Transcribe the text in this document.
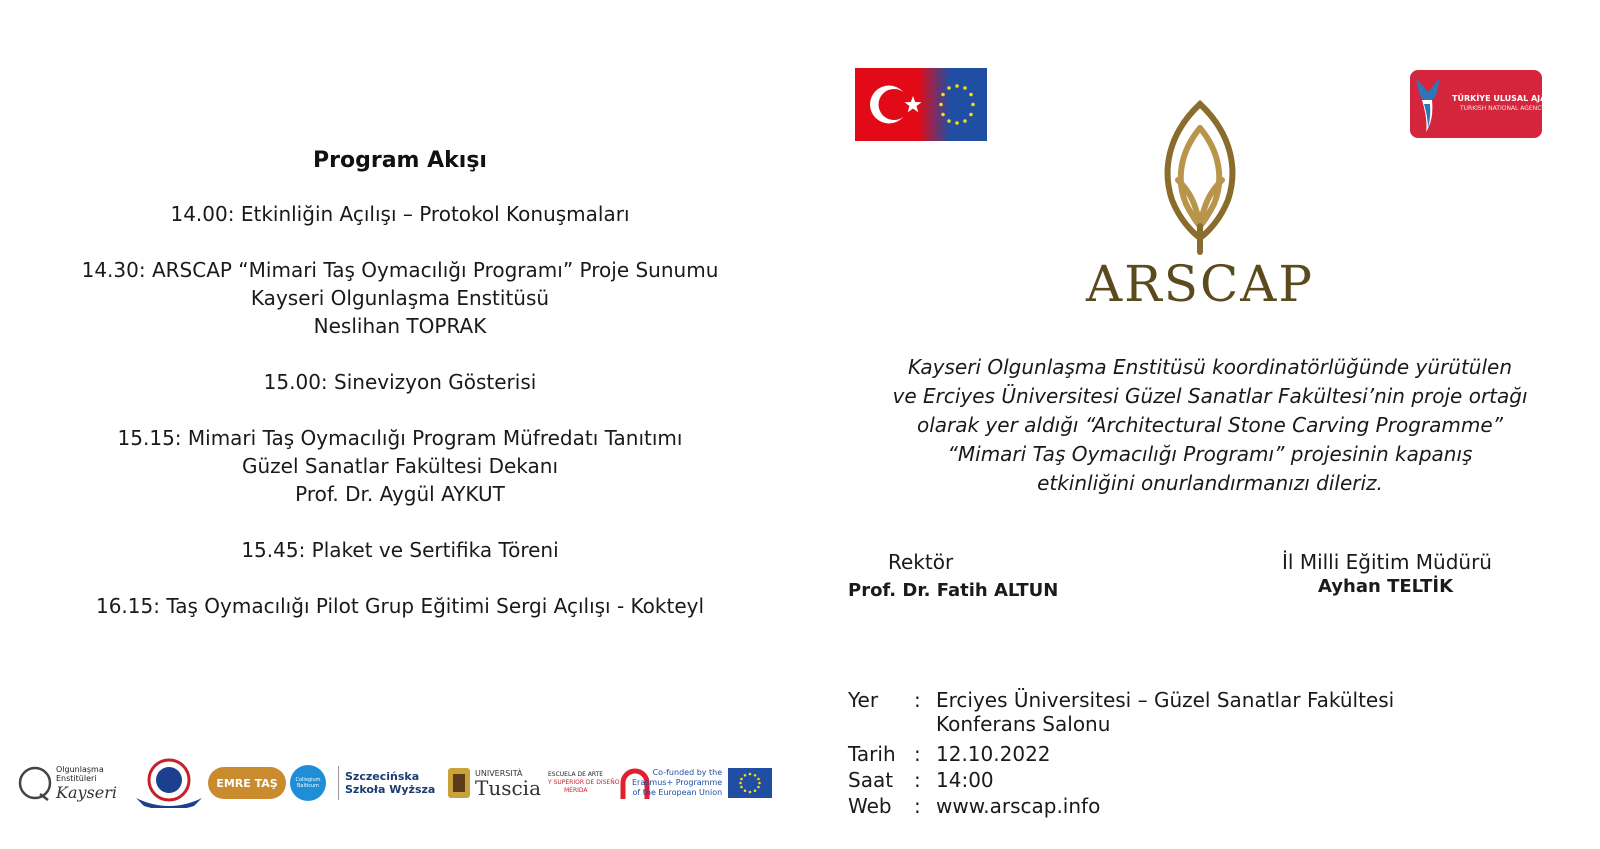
Program Akışı
14.00: Etkinliğin Açılışı – Protokol Konuşmaları
14.30: ARSCAP “Mimari Taş Oymacılığı Programı” Proje Sunumu
Kayseri Olgunlaşma Enstitüsü
Neslihan TOPRAK
15.00: Sinevizyon Gösterisi
15.15: Mimari Taş Oymacılığı Program Müfredatı Tanıtımı
Güzel Sanatlar Fakültesi Dekanı
Prof. Dr. Aygül AYKUT
15.45: Plaket ve Sertifika Töreni
16.15: Taş Oymacılığı Pilot Grup Eğitimi Sergi Açılışı - Kokteyl
TÜRKİYE ULUSAL AJANSI
TURKISH NATIONAL AGENCY
ARSCAP
Kayseri Olgunlaşma Enstitüsü koordinatörlüğünde yürütülen
ve Erciyes Üniversitesi Güzel Sanatlar Fakültesi’nin proje ortağı
olarak yer aldığı “Architectural Stone Carving Programme”
“Mimari Taş Oymacılığı Programı” projesinin kapanış
etkinliğini onurlandırmanızı dileriz.
Rektör
Prof. Dr. Fatih ALTUN
İl Milli Eğitim Müdürü
Ayhan TELTİK
Yer	: Erciyes Üniversitesi – Güzel Sanatlar Fakültesi
Konferans Salonu
Tarih : 12.10.2022
Saat	: 14:00
Web	: www.arscap.info
Olgunlaşma Enstitüleri
Kayseri	EMRE TAŞ	Collegium Balticum
Szczecińska
Szkoła Wyższa
UNIVERSITÀ
Tuscia
ESCUELA DE ARTE
Y SUPERIOR DE DISEÑO
MÉRIDA
Co-funded by the
Erasmus+ Programme
of the European Union
